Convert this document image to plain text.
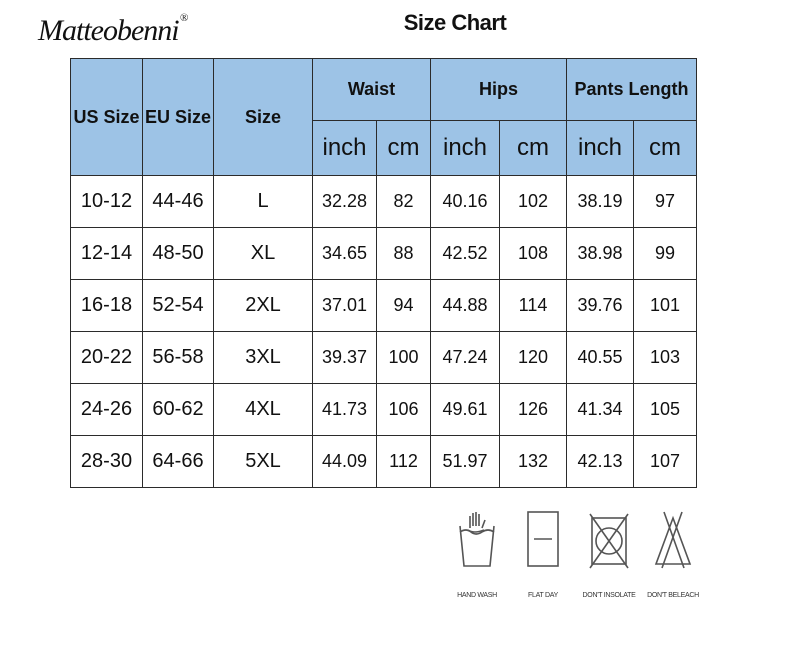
Matteobenni ®	Size Chart
US Size	EU Size	Size	Waist		Hips		Pants Length	
			inch	cm	inch	cm	inch	cm
10-12	44-46	L	32.28	82	40.16	102	38.19	97
12-14	48-50	XL	34.65	88	42.52	108	38.98	99
16-18	52-54	2XL	37.01	94	44.88	114	39.76	101
20-22	56-58	3XL	39.37	100	47.24	120	40.55	103
24-26	60-62	4XL	41.73	106	49.61	126	41.34	105
28-30	64-66	5XL	44.09	112	51.97	132	42.13	107
HAND WASH	FLAT DAY	DON'T INSOLATE	DON'T BELEACH
